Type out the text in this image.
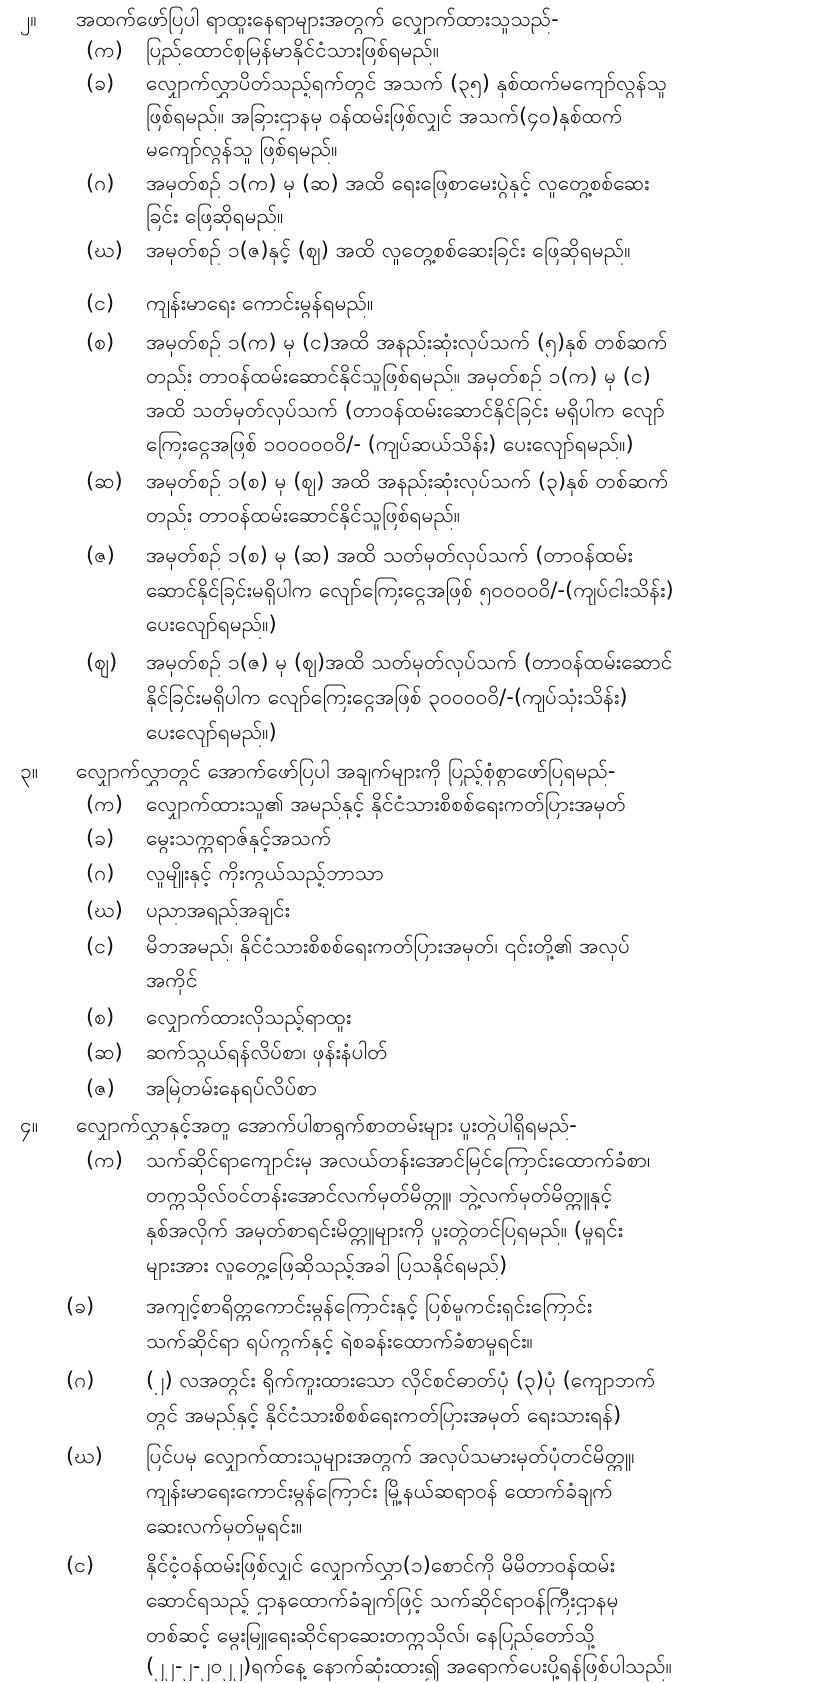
၂။ အထက်ဖော်ပြပါ ရာထူးနေရာများအတွက် လျှောက်ထားသူသည်-
(က) ပြည်ထောင်စုမြန်မာနိုင်ငံသားဖြစ်ရမည်။
(ခ) လျှောက်လွှာပိတ်သည့်ရက်တွင် အသက် (၃၅) နှစ်ထက်မကျော်လွန်သူ
ဖြစ်ရမည်။ အခြားဌာနမှ ဝန်ထမ်းဖြစ်လျှင် အသက်(၄၀)နှစ်ထက်
မကျော်လွန်သူ ဖြစ်ရမည်။
(ဂ) အမှတ်စဉ် ၁(က) မှ (ဆ) အထိ ရေးဖြေစာမေးပွဲနှင့် လူတွေ့စစ်ဆေး
ခြင်း ဖြေဆိုရမည်။
(ဃ) အမှတ်စဉ် ၁(ဇ)နှင့် (ဈ) အထိ လူတွေ့စစ်ဆေးခြင်း ဖြေဆိုရမည်။
(င) ကျန်းမာရေး ကောင်းမွန်ရမည်။
(စ) အမှတ်စဉ် ၁(က) မှ (င)အထိ အနည်းဆုံးလုပ်သက် (၅)နှစ် တစ်ဆက်
တည်း တာဝန်ထမ်းဆောင်နိုင်သူဖြစ်ရမည်။ အမှတ်စဉ် ၁(က) မှ (င)
အထိ သတ်မှတ်လုပ်သက် (တာဝန်ထမ်းဆောင်နိုင်ခြင်း မရှိပါက လျော်
ကြေးငွေအဖြစ် ၁၀၀၀၀၀၀ိ/- (ကျပ်ဆယ်သိန်း) ပေးလျော်ရမည်။)
(ဆ) အမှတ်စဉ် ၁(စ) မှ (ဈ) အထိ အနည်းဆုံးလုပ်သက် (၃)နှစ် တစ်ဆက်
တည်း တာဝန်ထမ်းဆောင်နိုင်သူဖြစ်ရမည်။
(ဇ) အမှတ်စဉ် ၁(စ) မှ (ဆ) အထိ သတ်မှတ်လုပ်သက် (တာဝန်ထမ်း
ဆောင်နိုင်ခြင်းမရှိပါက လျော်ကြေးငွေအဖြစ် ၅၀၀၀၀၀ိ/-(ကျပ်ငါးသိန်း)
ပေးလျော်ရမည်။)
(ဈ) အမှတ်စဉ် ၁(ဇ) မှ (ဈ)အထိ သတ်မှတ်လုပ်သက် (တာဝန်ထမ်းဆောင်
နိုင်ခြင်းမရှိပါက လျော်ကြေးငွေအဖြစ် ၃၀၀၀၀၀ိ/-(ကျပ်သုံးသိန်း)
ပေးလျော်ရမည်။)
၃။ လျှောက်လွှာတွင် အောက်ဖော်ပြပါ အချက်များကို ပြည့်စုံစွာဖော်ပြရမည်-
(က) လျှောက်ထားသူ၏ အမည်နှင့် နိုင်ငံသားစိစစ်ရေးကတ်ပြားအမှတ်
(ခ) မွေးသက္ကရာဇ်နှင့်အသက်
(ဂ) လူမျိုးနှင့် ကိုးကွယ်သည့်ဘာသာ
(ဃ) ပညာအရည်အချင်း
(င) မိဘအမည်၊ နိုင်ငံသားစိစစ်ရေးကတ်ပြားအမှတ်၊ ၎င်းတို့၏ အလုပ်
အကိုင်
(စ) လျှောက်ထားလိုသည့်ရာထူး
(ဆ) ဆက်သွယ်ရန်လိပ်စာ၊ ဖုန်းနံပါတ်
(ဇ) အမြဲတမ်းနေရပ်လိပ်စာ
၄။ လျှောက်လွှာနှင့်အတူ အောက်ပါစာရွက်စာတမ်းများ ပူးတွဲပါရှိရမည်-
(က) သက်ဆိုင်ရာကျောင်းမှ အလယ်တန်းအောင်မြင်ကြောင်းထောက်ခံစာ၊
တက္ကသိုလ်ဝင်တန်းအောင်လက်မှတ်မိတ္တူ၊ ဘွဲ့လက်မှတ်မိတ္တူနှင့်
နှစ်အလိုက် အမှတ်စာရင်းမိတ္တူများကို ပူးတွဲတင်ပြရမည်။ (မူရင်း
များအား လူတွေ့ဖြေဆိုသည့်အခါ ပြသနိုင်ရမည်)
(ခ) အကျင့်စာရိတ္တကောင်းမွန်ကြောင်းနှင့် ပြစ်မှုကင်းရှင်းကြောင်း
သက်ဆိုင်ရာ ရပ်ကွက်နှင့် ရဲစခန်းထောက်ခံစာမူရင်း။
(ဂ) (၂) လအတွင်း ရိုက်ကူးထားသော လိုင်စင်ဓာတ်ပုံ (၃)ပုံ (ကျောဘက်
တွင် အမည်နှင့် နိုင်ငံသားစိစစ်ရေးကတ်ပြားအမှတ် ရေးသားရန်)
(ဃ) ပြင်ပမှ လျှောက်ထားသူများအတွက် အလုပ်သမားမှတ်ပုံတင်မိတ္တူ၊
ကျန်းမာရေးကောင်းမွန်ကြောင်း မြို့နယ်ဆရာဝန် ထောက်ခံချက်
ဆေးလက်မှတ်မူရင်း။
(င) နိုင်ငံ့ဝန်ထမ်းဖြစ်လျှင် လျှောက်လွှာ(၁)စောင်ကို မိမိတာဝန်ထမ်း
ဆောင်ရသည့် ဌာနထောက်ခံချက်ဖြင့် သက်ဆိုင်ရာဝန်ကြီးဌာနမှ
တစ်ဆင့် မွေးမြူရေးဆိုင်ရာဆေးတက္ကသိုလ်၊ နေပြည်တော်သို့
(၂၂-၂-၂၀၂၂)ရက်နေ့ နောက်ဆုံးထား၍ အရောက်ပေးပို့ရန်ဖြစ်ပါသည်။
